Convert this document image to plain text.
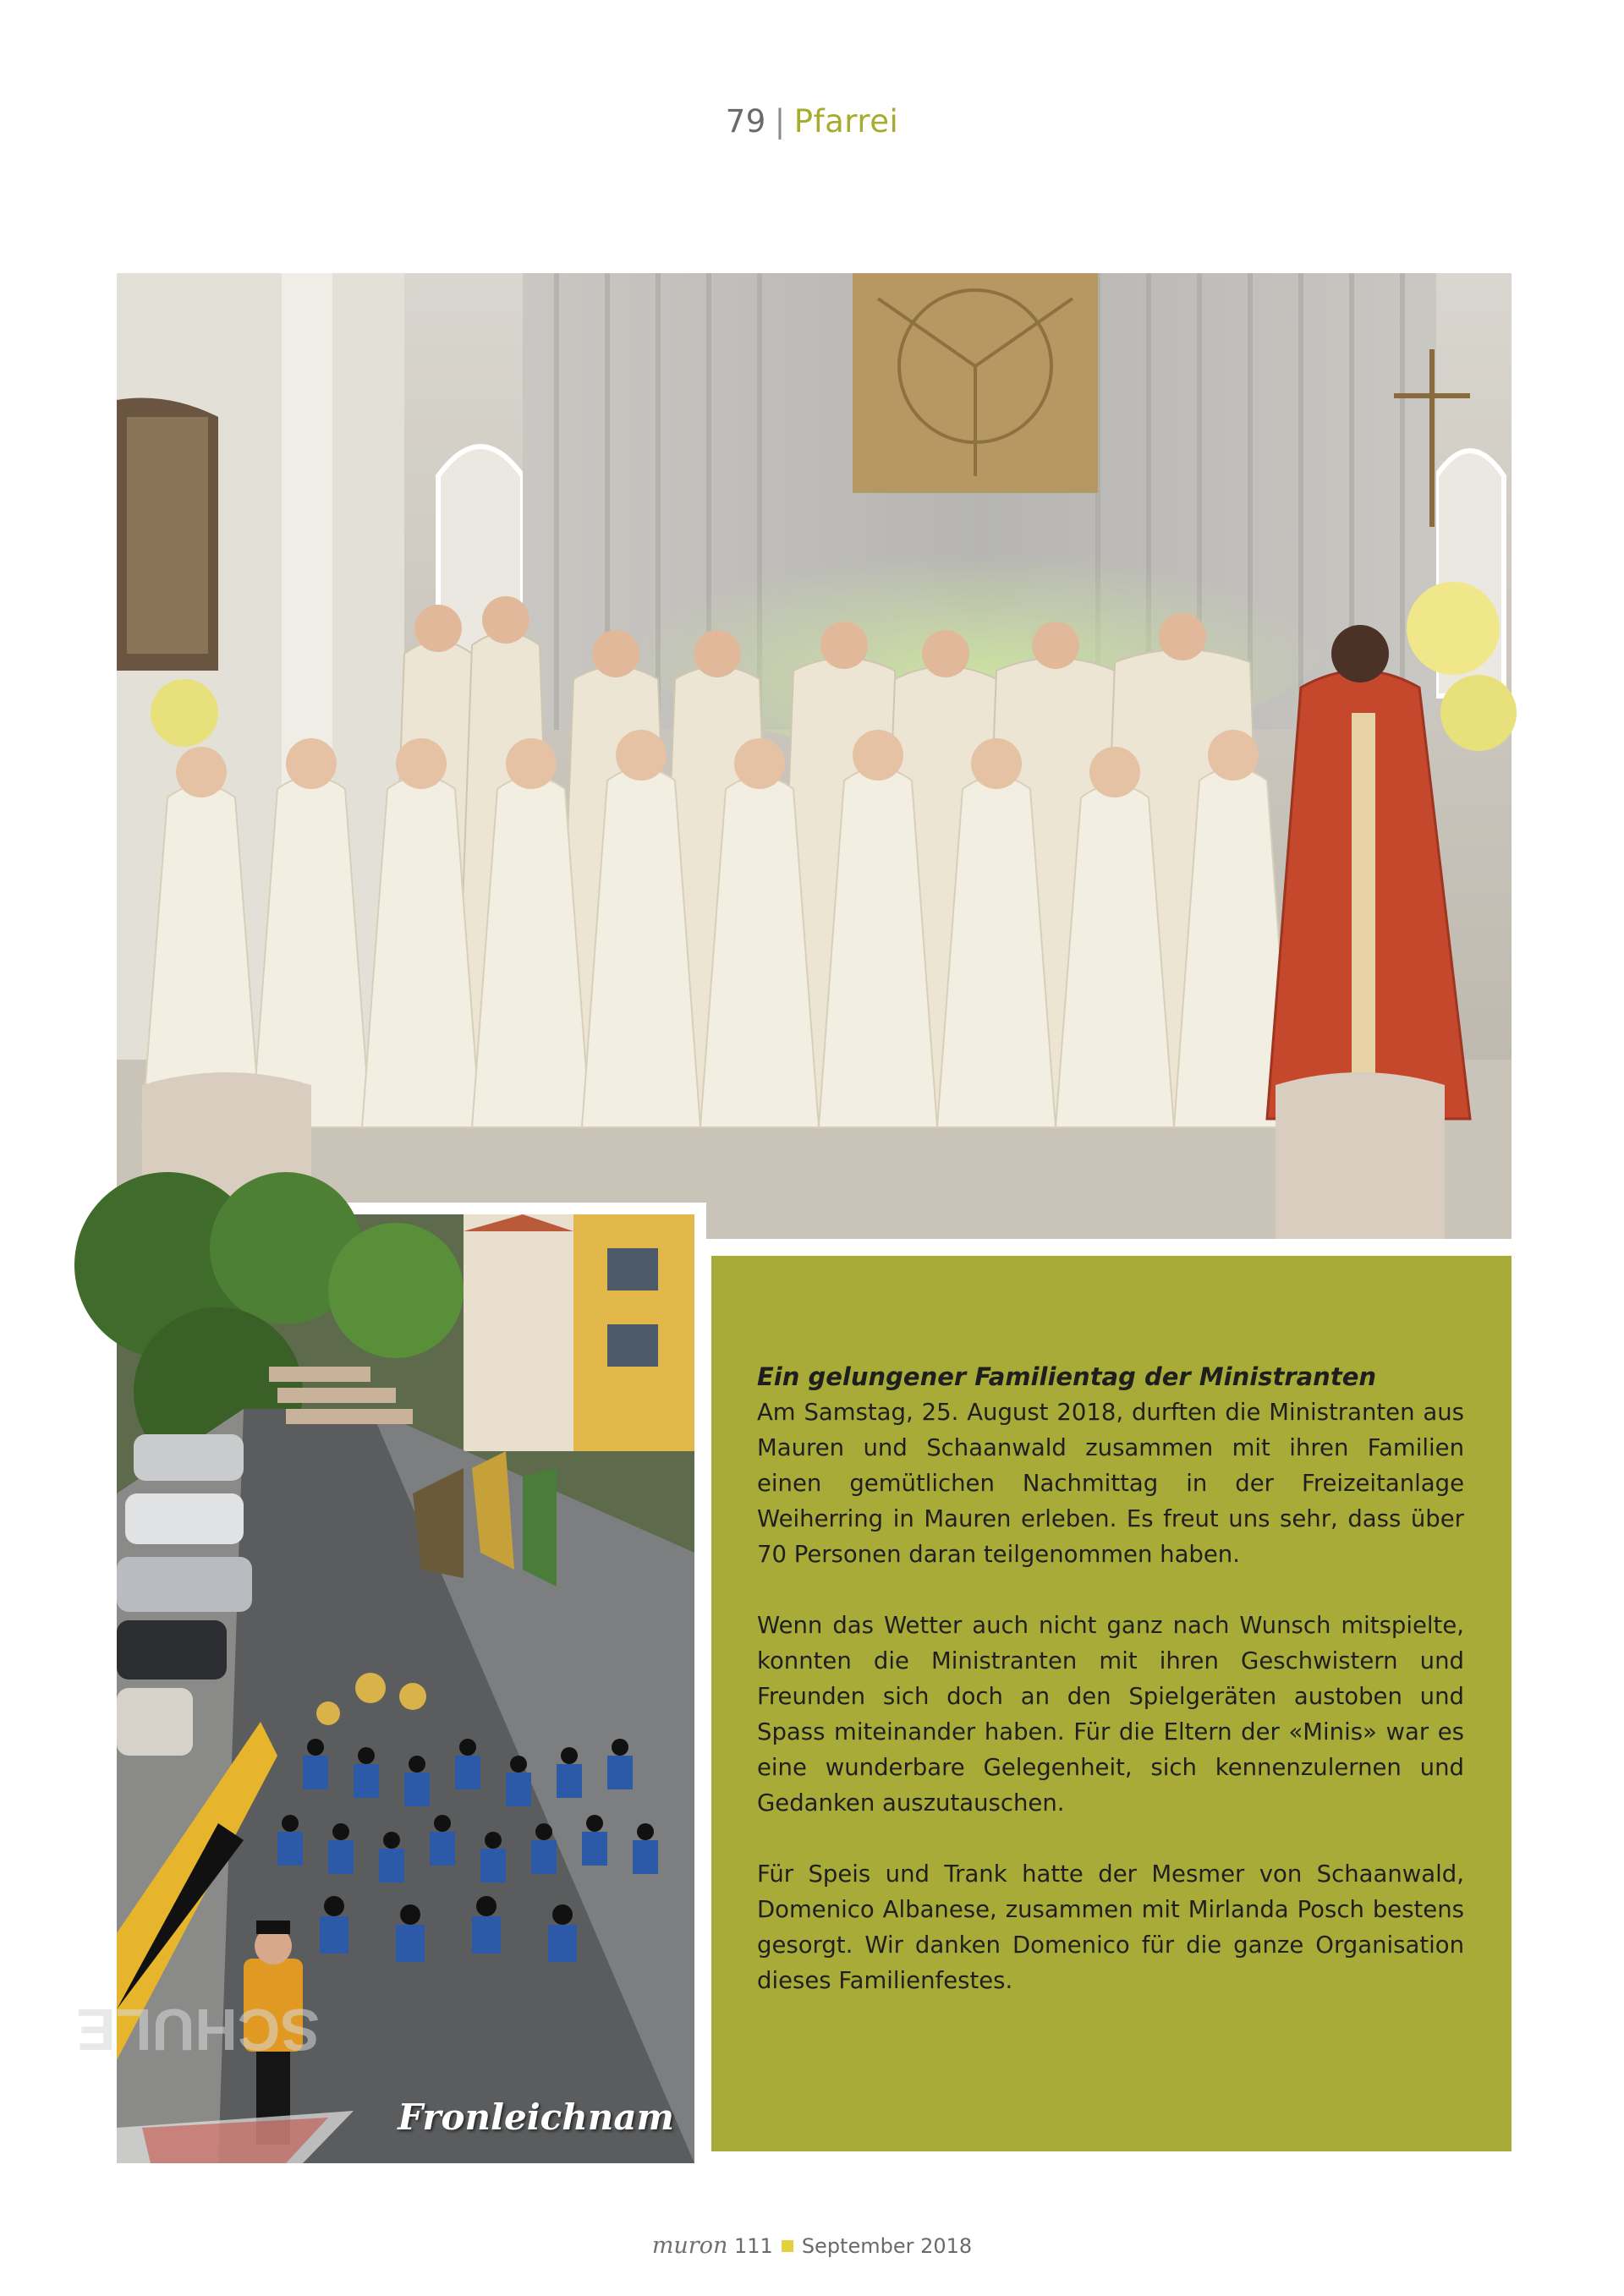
79 | Pfarrei
SCHULE
Fronleichnam
Ein gelungener Familientag der Ministranten

Am Samstag, 25. August 2018, durften die Ministranten aus Mauren und Schaanwald zusammen mit ihren Familien einen gemütlichen Nachmittag in der Freizeitanlage Weiherring in Mauren erleben. Es freut uns sehr, dass über 70 Personen daran teilgenommen haben.

Wenn das Wetter auch nicht ganz nach Wunsch mitspielte, konnten die Ministranten mit ihren Geschwistern und Freunden sich doch an den Spielgeräten austoben und Spass miteinander haben. Für die Eltern der «Minis» war es eine wunderbare Gelegenheit, sich kennenzulernen und Gedanken auszutauschen.

Für Speis und Trank hatte der Mesmer von Schaanwald, Domenico Albanese, zusammen mit Mirlanda Posch bestens gesorgt. Wir danken Domenico für die ganze Organisation dieses Familienfestes.

muron 111 September 2018
